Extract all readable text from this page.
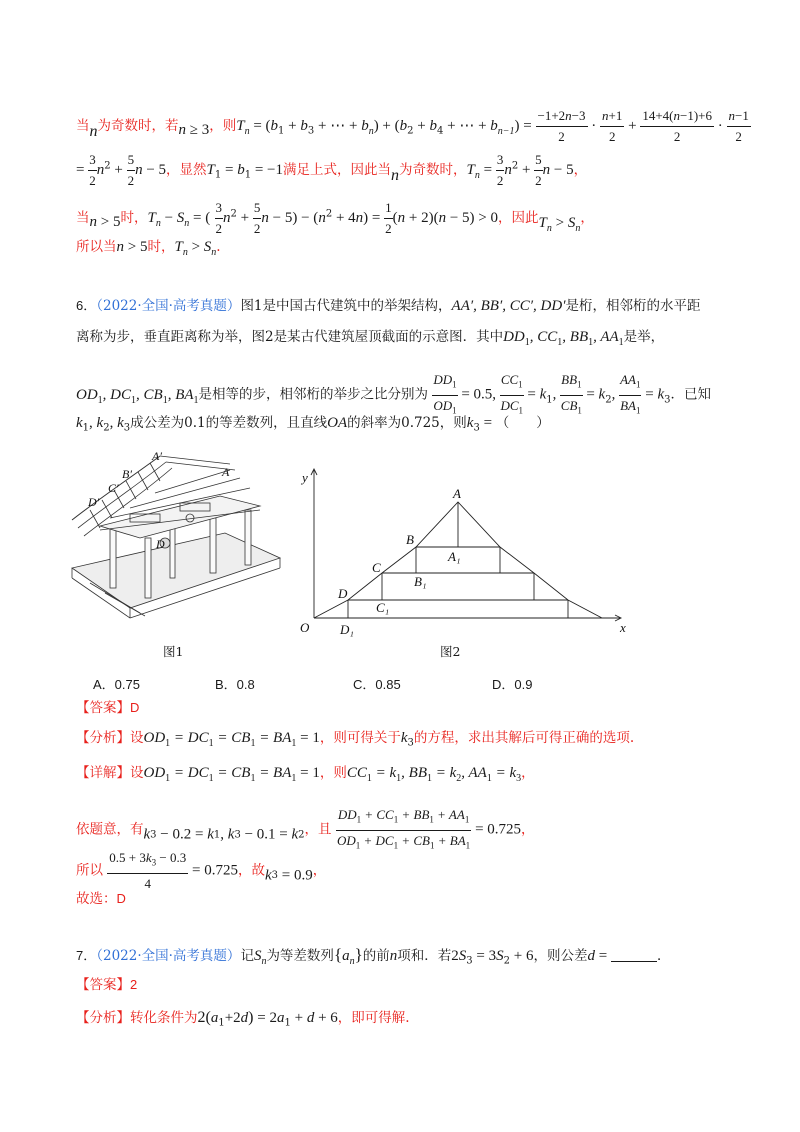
当n为奇数时，若n ≥ 3，则$T_n = (b_1 + b_3$ + ⋯ + $b_n) + (b_2 + b_4$ + ⋯ + $b_{n-1}) = \frac{-1+2n-3}{2} \cdot \frac{n+1}{2} + \frac{14+4(n-1)+6}{2} \cdot \frac{n-1}{2}$
= $\frac{3}{2} n^2 + \frac{5}{2}$ n − 5，显然$T_1 = b_1 = -1$满足上式，因此当n为奇数时，$T_n = \frac{3}{2} n^2 + \frac{5}{2}$ n − 5，
当n > 5时，$T_n - S_n$ = ( $\frac{3}{2} n^2 + \frac{5}{2}$ $n - 5) - (n^2 + 4n) = \frac{1}{2} (n + 2)(n - 5) > 0$，因此$T_n > S_n$，
所以当n > 5时，$T_n > S_n$.
6．（2022·全国·高考真题）图1是中国古代建筑中的举架结构，AA′, BB′, CC′, DD′是桁，相邻桁的水平距
离称为步，垂直距离称为举，图2是某古代建筑屋顶截面的示意图．其中$DD_1$, $CC_1$, $BB_1$, $AA_1$是举，
$OD_1$, $DC_1$, $CB_1$, $BA_1$是相等的步，相邻桁的举步之比分别为 $\frac{DD_1}{OD_1} = 0.5$, $\frac{CC_1}{DC_1} = k_1$, $\frac{BB_1}{CB_1} = k_2$, $\frac{AA_1}{BA_1} = k_3$．已知
$k_1$, $k_2$, $k_3$成公差为0.1的等差数列，且直线OA的斜率为0.725，则$k_3$ = （　　）
A′
B′
C′
D′
A
D
图1
y
x
O
A
B
C
D
A₁
B₁
C₁
D₁
图2
A．0.75	B．0.8	C．0.85	D．0.9
【答案】D
【分析】设$OD_1 = DC_1 = CB_1 = BA_1 = 1$，则可得关于$k_3$的方程，求出其解后可得正确的选项.
【详解】设$OD_1 = DC_1 = CB_1 = BA_1 = 1$，则$CC_1 = k_1$, $BB_1 = k_2$, $AA_1 = k_3$，
依题意，有$k_3 - 0.2 = k_1$, $k_3 - 0.1 = k_2$，且 $\frac{DD_1 + CC_1 + BB_1 + AA_1}{OD_1 + DC_1 + CB_1 + BA_1} = 0.725$，
所以 $\frac{0.5 + 3k_3 - 0.3}{4} = 0.725$，故$k_3 = 0.9$，
故选：D
7．（2022·全国·高考真题）记$S_n$为等差数列$\{a_n\}$的前n项和．若$2S_3 = 3S_2 + 6$，则公差d =	．
【答案】2
【分析】转化条件为$2(a_1+2d) = 2a_1 + d + 6$，即可得解.
